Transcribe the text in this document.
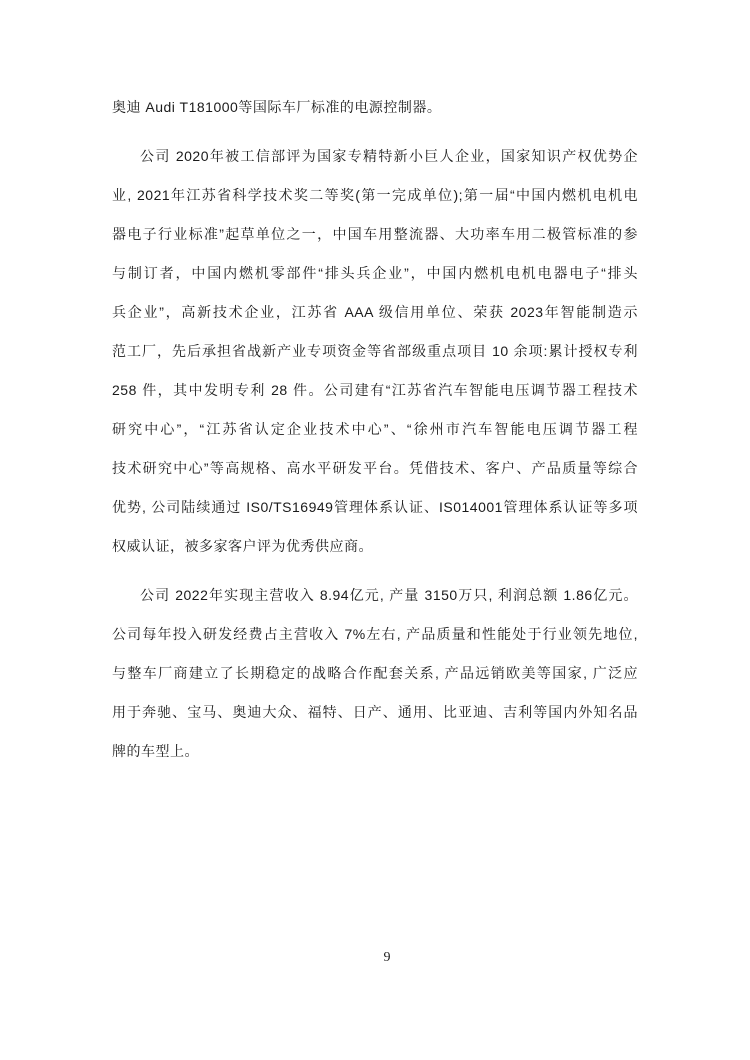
奥迪 Audi T181000等国际车厂标准的电源控制器。
公司 2020年被工信部评为国家专精特新小巨人企业，国家知识产权优势企
业, 2021年江苏省科学技术奖二等奖(第一完成单位);第一届“中国内燃机电机电
器电子行业标准”起草单位之一，中国车用整流器、大功率车用二极管标准的参
与制订者，中国内燃机零部件“排头兵企业”，中国内燃机电机电器电子“排头
兵企业”，高新技术企业，江苏省 AAA 级信用单位、荣获 2023年智能制造示
范工厂，先后承担省战新产业专项资金等省部级重点项目 10 余项:累计授权专利
258 件，其中发明专利 28 件。公司建有“江苏省汽车智能电压调节器工程技术
研究中心”，“江苏省认定企业技术中心”、“徐州市汽车智能电压调节器工程
技术研究中心”等高规格、高水平研发平台。凭借技术、客户、产品质量等综合
优势, 公司陆续通过 IS0/TS16949管理体系认证、IS014001管理体系认证等多项
权威认证，被多家客户评为优秀供应商。
公司 2022年实现主营收入 8.94亿元, 产量 3150万只, 利润总额 1.86亿元。
公司每年投入研发经费占主营收入 7%左右, 产品质量和性能处于行业领先地位,
与整车厂商建立了长期稳定的战略合作配套关系, 产品远销欧美等国家, 广泛应
用于奔驰、宝马、奥迪大众、福特、日产、通用、比亚迪、吉利等国内外知名品
牌的车型上。
9
